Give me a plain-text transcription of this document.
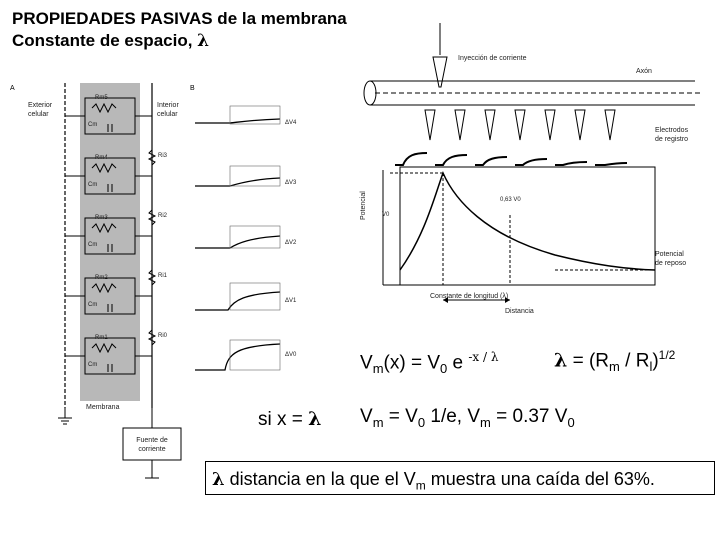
PROPIEDADES PASIVAS de la membrana
Constante de espacio, λ
A	B
Exterior
celular
Interior
celular
Membrana
Fuente de
corriente
Rm5
Rm4
Rm3
Rm2
Rm1
Cm
Cm
Cm
Cm
Cm
Ri3
Ri2
Ri1
Ri0
ΔV4
ΔV3
ΔV2
ΔV1
ΔV0
Inyección de corriente
Axón
Electrodos
de registro
Potencial	V0
0,63 V0
Potencial
de reposo
Constante de longitud (λ)
Distancia
$V_m(x) = V_0$ e $^{-x / \lambda}$	$\lambda = (R_m / R_l)^{1/2}$
si x = λ $V_m = V_0$ 1/e, $V_m = 0.37$ $V_0$
λ distancia en la que el $V_m$ muestra una caída del 63%.
